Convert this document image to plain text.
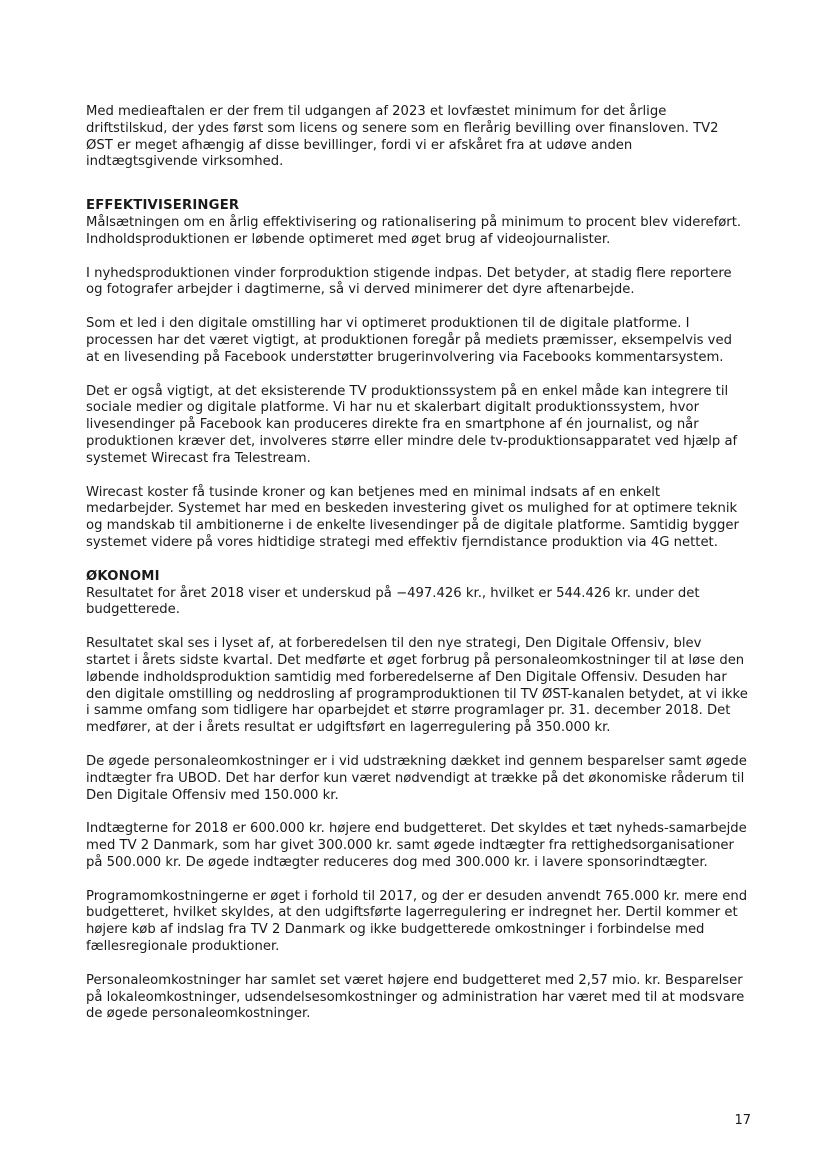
Med medieaftalen er der frem til udgangen af 2023 et lovfæstet minimum for det årlige driftstilskud, der ydes først som licens og senere som en flerårig bevilling over finansloven. TV2 ØST er meget afhængig af disse bevillinger, fordi vi er afskåret fra at udøve anden indtægtsgivende virksomhed.

EFFEKTIVISERINGER

Målsætningen om en årlig effektivisering og rationalisering på minimum to procent blev videreført. Indholdsproduktionen er løbende optimeret med øget brug af videojournalister.

I nyhedsproduktionen vinder forproduktion stigende indpas. Det betyder, at stadig flere reportere og fotografer arbejder i dagtimerne, så vi derved minimerer det dyre aftenarbejde.

Som et led i den digitale omstilling har vi optimeret produktionen til de digitale platforme. I processen har det været vigtigt, at produktionen foregår på mediets præmisser, eksempelvis ved at en livesending på Facebook understøtter brugerinvolvering via Facebooks kommentarsystem.

Det er også vigtigt, at det eksisterende TV produktionssystem på en enkel måde kan integrere til sociale medier og digitale platforme. Vi har nu et skalerbart digitalt produktionssystem, hvor livesendinger på Facebook kan produceres direkte fra en smartphone af én journalist, og når produktionen kræver det, involveres større eller mindre dele tv-produktionsapparatet ved hjælp af systemet Wirecast fra Telestream.

Wirecast koster få tusinde kroner og kan betjenes med en minimal indsats af en enkelt medarbejder. Systemet har med en beskeden investering givet os mulighed for at optimere teknik og mandskab til ambitionerne i de enkelte livesendinger på de digitale platforme. Samtidig bygger systemet videre på vores hidtidige strategi med effektiv fjerndistance produktion via 4G nettet.

ØKONOMI

Resultatet for året 2018 viser et underskud på −497.426 kr., hvilket er 544.426 kr. under det budgetterede.

Resultatet skal ses i lyset af, at forberedelsen til den nye strategi, Den Digitale Offensiv, blev startet i årets sidste kvartal. Det medførte et øget forbrug på personaleomkostninger til at løse den løbende indholdsproduktion samtidig med forberedelserne af Den Digitale Offensiv. Desuden har den digitale omstilling og neddrosling af programproduktionen til TV ØST-kanalen betydet, at vi ikke i samme omfang som tidligere har oparbejdet et større programlager pr. 31. december 2018. Det medfører, at der i årets resultat er udgiftsført en lagerregulering på 350.000 kr.

De øgede personaleomkostninger er i vid udstrækning dækket ind gennem besparelser samt øgede indtægter fra UBOD. Det har derfor kun været nødvendigt at trække på det økonomiske råderum til Den Digitale Offensiv med 150.000 kr.

Indtægterne for 2018 er 600.000 kr. højere end budgetteret. Det skyldes et tæt nyheds-samarbejde med TV 2 Danmark, som har givet 300.000 kr. samt øgede indtægter fra rettighedsorganisationer på 500.000 kr. De øgede indtægter reduceres dog med 300.000 kr. i lavere sponsorindtægter.

Programomkostningerne er øget i forhold til 2017, og der er desuden anvendt 765.000 kr. mere end budgetteret, hvilket skyldes, at den udgiftsførte lagerregulering er indregnet her. Dertil kommer et højere køb af indslag fra TV 2 Danmark og ikke budgetterede omkostninger i forbindelse med fællesregionale produktioner.

Personaleomkostninger har samlet set været højere end budgetteret med 2,57 mio. kr. Besparelser på lokaleomkostninger, udsendelsesomkostninger og administration har været med til at modsvare de øgede personaleomkostninger.

17
